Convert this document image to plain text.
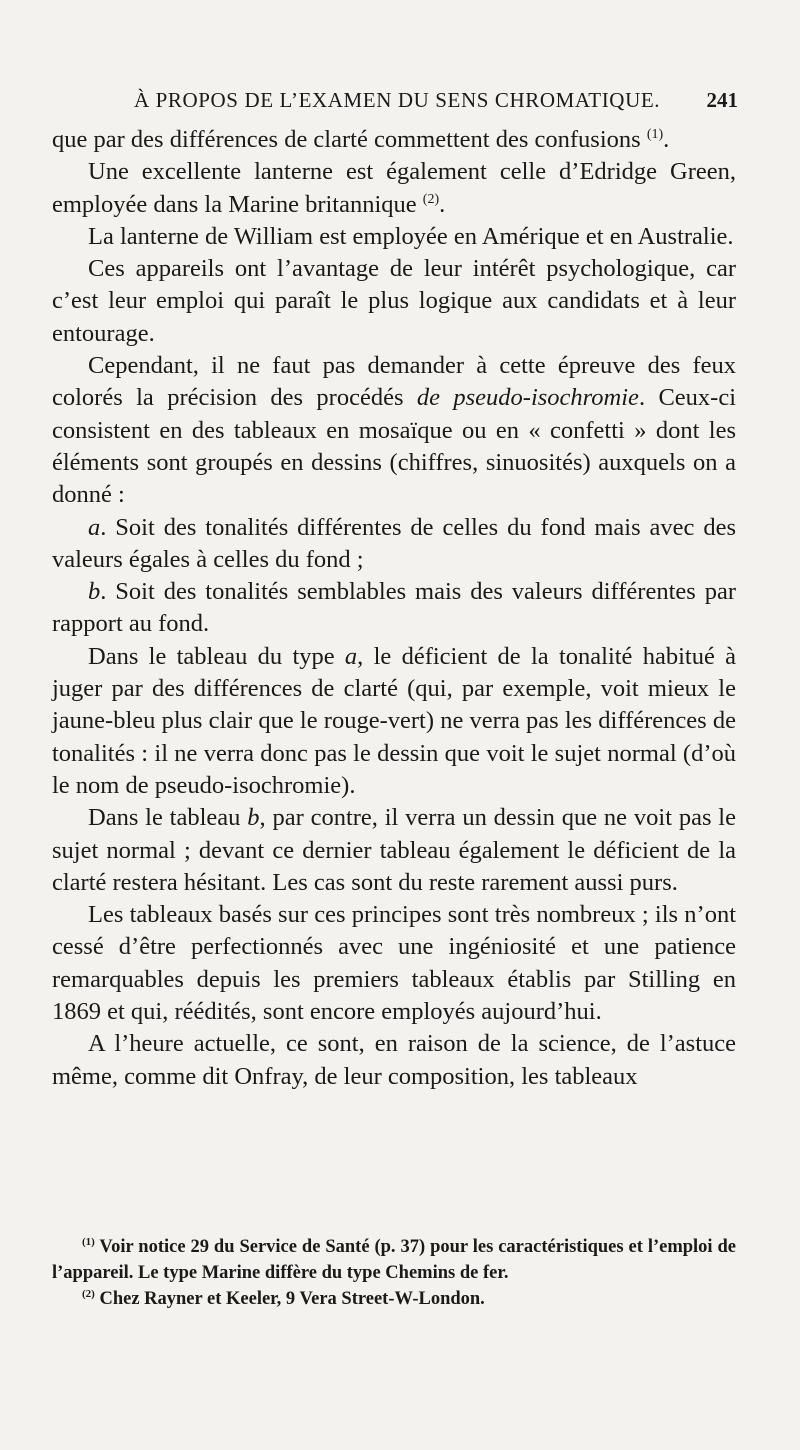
À PROPOS DE L’EXAMEN DU SENS CHROMATIQUE. 241

que par des différences de clarté commettent des confusions $^{(1)}$.

Une excellente lanterne est également celle d’Edridge Green, employée dans la Marine britannique $^{(2)}$.

La lanterne de William est employée en Amérique et en Australie.

Ces appareils ont l’avantage de leur intérêt psychologique, car c’est leur emploi qui paraît le plus logique aux candidats et à leur entourage.

Cependant, il ne faut pas demander à cette épreuve des feux colorés la précision des procédés de pseudo-isochromie. Ceux-ci consistent en des tableaux en mosaïque ou en « confetti » dont les éléments sont groupés en dessins (chiffres, sinuosités) auxquels on a donné :

a. Soit des tonalités différentes de celles du fond mais avec des valeurs égales à celles du fond ;

b. Soit des tonalités semblables mais des valeurs différentes par rapport au fond.

Dans le tableau du type a, le déficient de la tonalité habitué à juger par des différences de clarté (qui, par exemple, voit mieux le jaune-bleu plus clair que le rouge-vert) ne verra pas les différences de tonalités : il ne verra donc pas le dessin que voit le sujet normal (d’où le nom de pseudo-isochromie).

Dans le tableau b, par contre, il verra un dessin que ne voit pas le sujet normal ; devant ce dernier tableau également le déficient de la clarté restera hésitant. Les cas sont du reste rarement aussi purs.

Les tableaux basés sur ces principes sont très nombreux ; ils n’ont cessé d’être perfectionnés avec une ingéniosité et une patience remarquables depuis les premiers tableaux établis par Stilling en 1869 et qui, réédités, sont encore employés aujourd’hui.

A l’heure actuelle, ce sont, en raison de la science, de l’astuce même, comme dit Onfray, de leur composition, les tableaux

$^{(1)}$ Voir notice 29 du Service de Santé (p. 37) pour les caractéristiques et l’emploi de l’appareil. Le type Marine diffère du type Chemins de fer.

$^{(2)}$ Chez Rayner et Keeler, 9 Vera Street-W-London.
